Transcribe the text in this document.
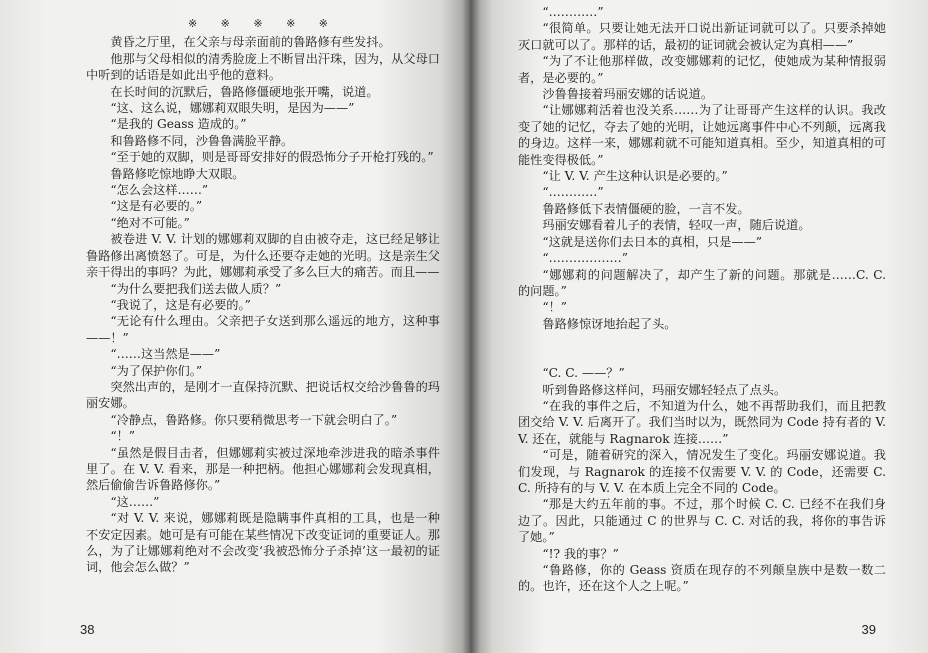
※ ※ ※ ※ ※

黄昏之厅里，在父亲与母亲面前的鲁路修有些发抖。

他那与父母相似的清秀脸庞上不断冒出汗珠，因为，从父母口中听到的话语是如此出乎他的意料。

在长时间的沉默后，鲁路修僵硬地张开嘴，说道。

“这、这么说，娜娜莉双眼失明，是因为——”

“是我的 Geass 造成的。”

和鲁路修不同，沙鲁鲁满脸平静。

“至于她的双脚，则是哥哥安排好的假恐怖分子开枪打残的。”

鲁路修吃惊地睁大双眼。

“怎么会这样……”

“这是有必要的。”

“绝对不可能。”

被卷进 V. V. 计划的娜娜莉双脚的自由被夺走，这已经足够让鲁路修出离愤怒了。可是，为什么还要夺走她的光明。这是亲生父亲干得出的事吗？为此，娜娜莉承受了多么巨大的痛苦。而且——

“为什么要把我们送去做人质？”

“我说了，这是有必要的。”

“无论有什么理由。父亲把子女送到那么遥远的地方，这种事——！”

“……这当然是——”

“为了保护你们。”

突然出声的，是刚才一直保持沉默、把说话权交给沙鲁鲁的玛丽安娜。

“冷静点，鲁路修。你只要稍微思考一下就会明白了。”

“！”

“虽然是假目击者，但娜娜莉实被过深地牵涉进我的暗杀事件里了。在 V. V. 看来，那是一种把柄。他担心娜娜莉会发现真相，然后偷偷告诉鲁路修你。”

“这……”

“对 V. V. 来说，娜娜莉既是隐瞒事件真相的工具，也是一种不安定因素。她可是有可能在某些情况下改变证词的重要证人。那么，为了让娜娜莉绝对不会改变‘我被恐怖分子杀掉’这一最初的证词，他会怎么做？”

38

“…………”

“很简单。只要让她无法开口说出新证词就可以了。只要杀掉她灭口就可以了。那样的话，最初的证词就会被认定为真相——”

“为了不让他那样做，改变娜娜莉的记忆，使她成为某种情报弱者，是必要的。”

沙鲁鲁接着玛丽安娜的话说道。

“让娜娜莉活着也没关系……为了让哥哥产生这样的认识。我改变了她的记忆，夺去了她的光明，让她远离事件中心不列颠，远离我的身边。这样一来，娜娜莉就不可能知道真相。至少，知道真相的可能性变得极低。”

“让 V. V. 产生这种认识是必要的。”

“…………”

鲁路修低下表情僵硬的脸，一言不发。

玛丽安娜看着儿子的表情，轻叹一声，随后说道。

“这就是送你们去日本的真相，只是——”

“………………”

“娜娜莉的问题解决了，却产生了新的问题。那就是……C. C. 的问题。”

“！”

鲁路修惊讶地抬起了头。

“C. C. ——？”

听到鲁路修这样问，玛丽安娜轻轻点了点头。

“在我的事件之后，不知道为什么，她不再帮助我们，而且把教团交给 V. V. 后离开了。我们当时以为，既然同为 Code 持有者的 V. V. 还在，就能与 Ragnarok 连接……”

“可是，随着研究的深入，情况发生了变化。玛丽安娜说道。我们发现，与 Ragnarok 的连接不仅需要 V. V. 的 Code，还需要 C. C. 所持有的与 V. V. 在本质上完全不同的 Code。

“那是大约五年前的事。不过，那个时候 C. C. 已经不在我们身边了。因此，只能通过 C 的世界与 C. C. 对话的我，将你的事告诉了她。”

“!? 我的事？”

“鲁路修，你的 Geass 资质在现存的不列颠皇族中是数一数二的。也许，还在这个人之上呢。”

39
